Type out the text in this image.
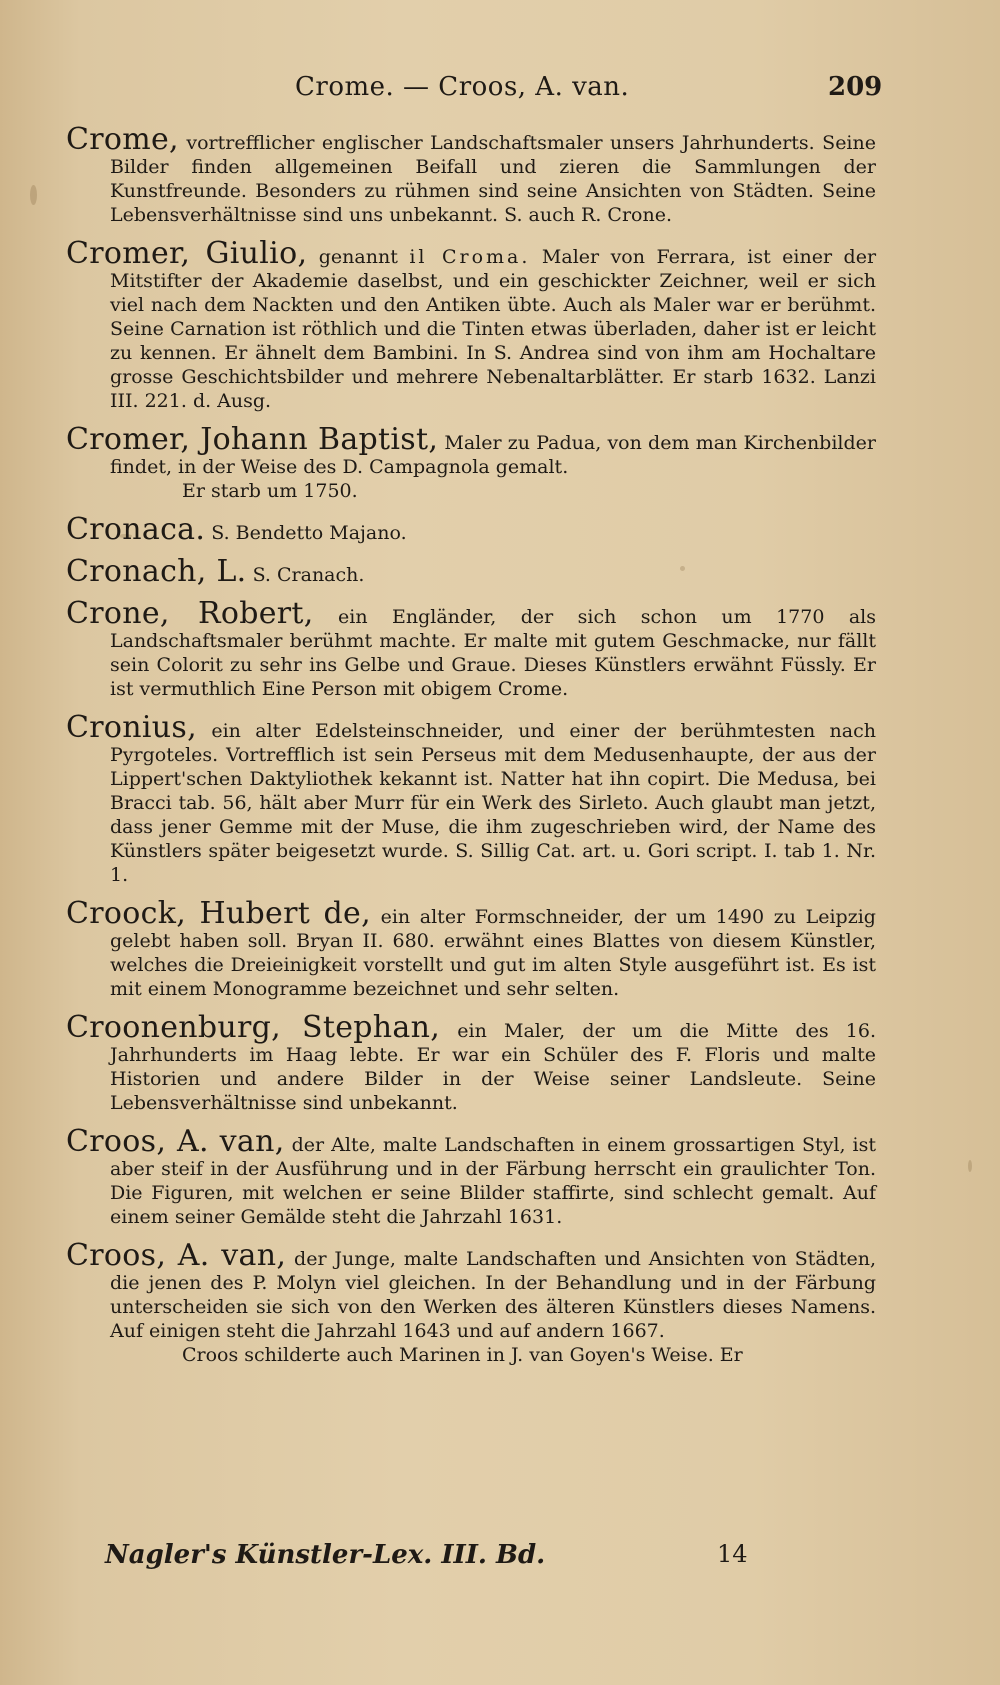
Crome. — Croos, A. van.	209
Crome, vortrefflicher englischer Landschaftsmaler unsers Jahrhunderts. Seine Bilder finden allgemeinen Beifall und zieren die Sammlungen der Kunstfreunde. Besonders zu rühmen sind seine Ansichten von Städten. Seine Lebensverhältnisse sind uns unbekannt. S. auch R. Crone.
Cromer, Giulio, genannt il Croma. Maler von Ferrara, ist einer der Mitstifter der Akademie daselbst, und ein geschickter Zeichner, weil er sich viel nach dem Nackten und den Antiken übte. Auch als Maler war er berühmt. Seine Carnation ist röthlich und die Tinten etwas überladen, daher ist er leicht zu kennen. Er ähnelt dem Bambini. In S. Andrea sind von ihm am Hochaltare grosse Geschichtsbilder und mehrere Nebenaltarblätter. Er starb 1632. Lanzi III. 221. d. Ausg.
Cromer, Johann Baptist, Maler zu Padua, von dem man Kirchenbilder findet, in der Weise des D. Campagnola gemalt.
Er starb um 1750.
Cronaca. S. Bendetto Majano.
Cronach, L. S. Cranach.
Crone, Robert, ein Engländer, der sich schon um 1770 als Landschaftsmaler berühmt machte. Er malte mit gutem Geschmacke, nur fällt sein Colorit zu sehr ins Gelbe und Graue. Dieses Künstlers erwähnt Füssly. Er ist vermuthlich Eine Person mit obigem Crome.
Cronius, ein alter Edelsteinschneider, und einer der berühmtesten nach Pyrgoteles. Vortrefflich ist sein Perseus mit dem Medusenhaupte, der aus der Lippert'schen Daktyliothek kekannt ist. Natter hat ihn copirt. Die Medusa, bei Bracci tab. 56, hält aber Murr für ein Werk des Sirleto. Auch glaubt man jetzt, dass jener Gemme mit der Muse, die ihm zugeschrieben wird, der Name des Künstlers später beigesetzt wurde. S. Sillig Cat. art. u. Gori script. I. tab 1. Nr. 1.
Croock, Hubert de, ein alter Formschneider, der um 1490 zu Leipzig gelebt haben soll. Bryan II. 680. erwähnt eines Blattes von diesem Künstler, welches die Dreieinigkeit vorstellt und gut im alten Style ausgeführt ist. Es ist mit einem Monogramme bezeichnet und sehr selten.
Croonenburg, Stephan, ein Maler, der um die Mitte des 16. Jahrhunderts im Haag lebte. Er war ein Schüler des F. Floris und malte Historien und andere Bilder in der Weise seiner Landsleute. Seine Lebensverhältnisse sind unbekannt.
Croos, A. van, der Alte, malte Landschaften in einem grossartigen Styl, ist aber steif in der Ausführung und in der Färbung herrscht ein graulichter Ton. Die Figuren, mit welchen er seine Blilder staffirte, sind schlecht gemalt. Auf einem seiner Gemälde steht die Jahrzahl 1631.
Croos, A. van, der Junge, malte Landschaften und Ansichten von Städten, die jenen des P. Molyn viel gleichen. In der Behandlung und in der Färbung unterscheiden sie sich von den Werken des älteren Künstlers dieses Namens. Auf einigen steht die Jahrzahl 1643 und auf andern 1667.
Croos schilderte auch Marinen in J. van Goyen's Weise. Er
Nagler's Künstler-Lex. III. Bd.	14
